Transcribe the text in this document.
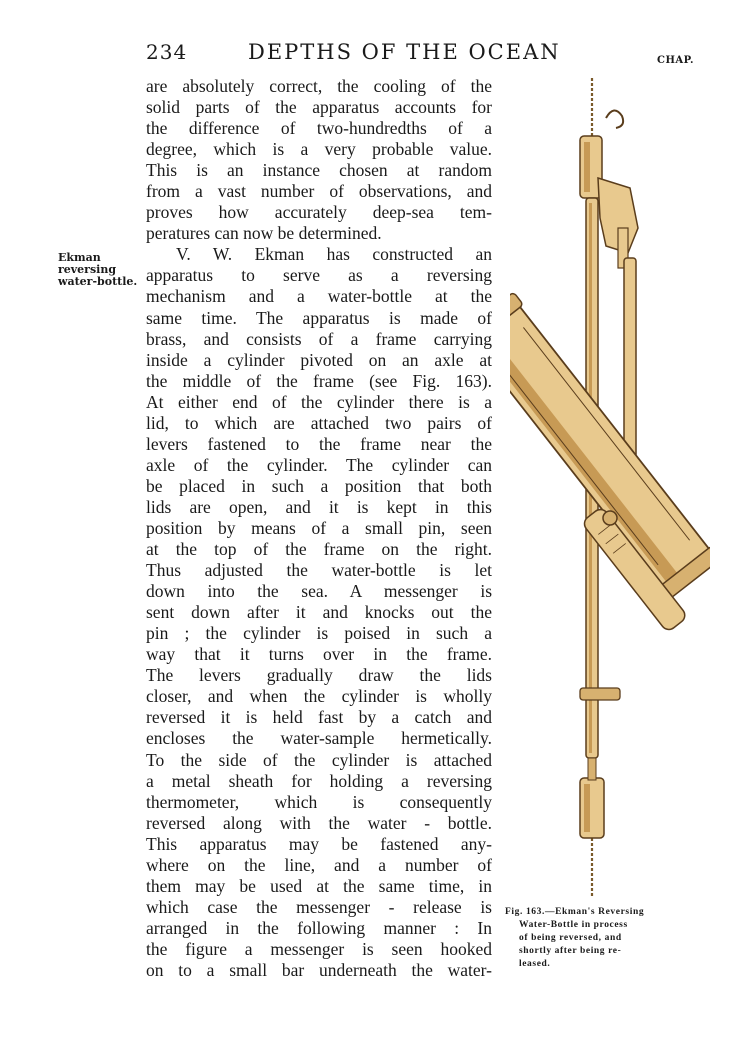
234	DEPTHS OF THE OCEAN	CHAP.
Ekman
reversing
water-bottle.
are absolutely correct, the cooling of the
solid parts of the apparatus accounts for
the difference of two-hundredths of a
degree, which is a very probable value.
This is an instance chosen at random
from a vast number of observations, and
proves how accurately deep-sea tem-
peratures can now be determined.
V. W. Ekman has constructed an
apparatus to serve as a reversing
mechanism and a water-bottle at the
same time. The apparatus is made of
brass, and consists of a frame carrying
inside a cylinder pivoted on an axle at
the middle of the frame (see Fig. 163).
At either end of the cylinder there is a
lid, to which are attached two pairs of
levers fastened to the frame near the
axle of the cylinder. The cylinder can
be placed in such a position that both
lids are open, and it is kept in this
position by means of a small pin, seen
at the top of the frame on the right.
Thus adjusted the water-bottle is let
down into the sea. A messenger is
sent down after it and knocks out the
pin ; the cylinder is poised in such a
way that it turns over in the frame.
The levers gradually draw the lids
closer, and when the cylinder is wholly
reversed it is held fast by a catch and
encloses the water-sample hermetically.
To the side of the cylinder is attached
a metal sheath for holding a reversing
thermometer, which is consequently
reversed along with the water - bottle.
This apparatus may be fastened any-
where on the line, and a number of
them may be used at the same time, in
which case the messenger - release is
arranged in the following manner : In
the figure a messenger is seen hooked
on to a small bar underneath the water-
Fig. 163.—Ekman's Reversing
Water-Bottle in process
of being reversed, and
shortly after being re-
leased.
